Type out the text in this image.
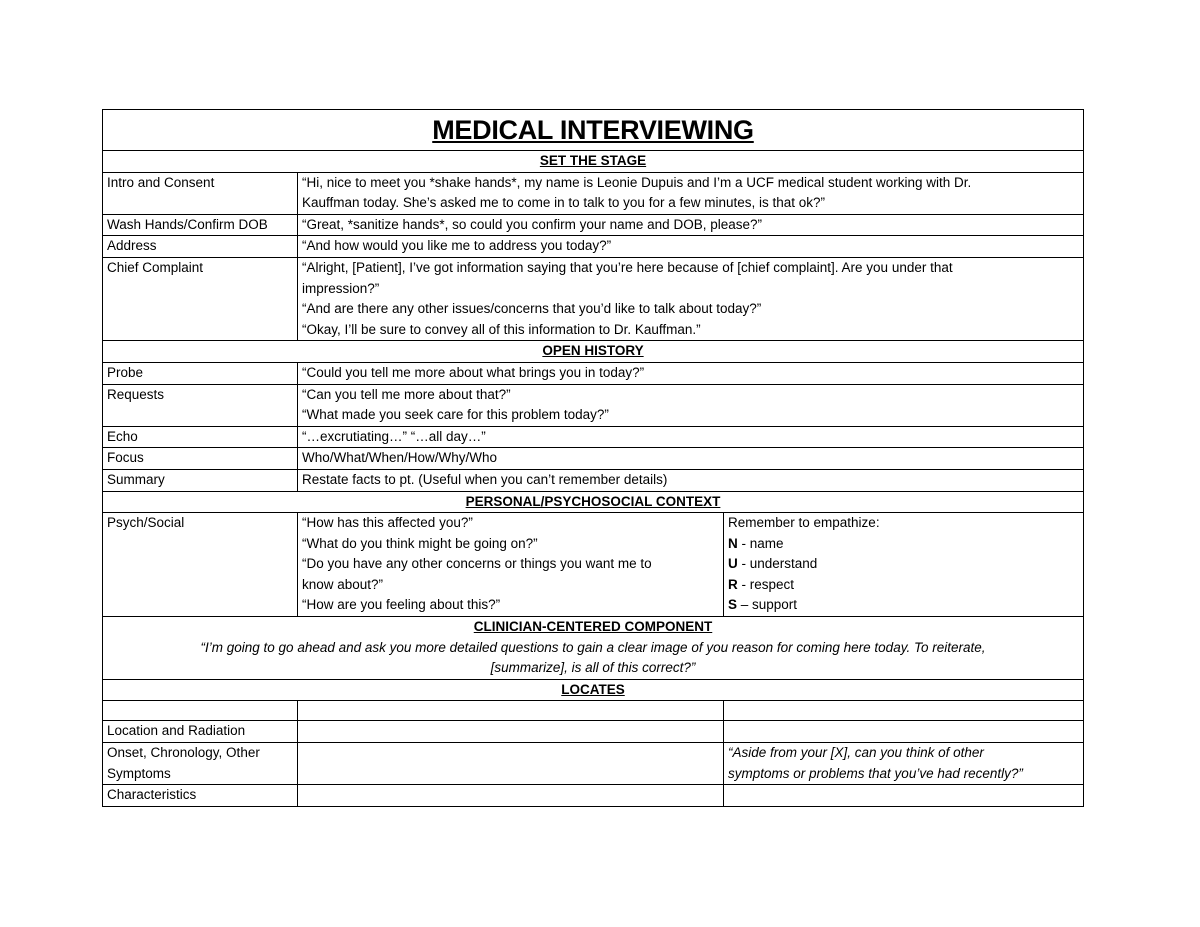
MEDICAL INTERVIEWING		
SET THE STAGE		
Intro and Consent	“Hi, nice to meet you *shake hands*, my name is Leonie Dupuis and I’m a UCF medical student working with Dr.
Kauffman today. She’s asked me to come in to talk to you for a few minutes, is that ok?”	

Wash Hands/Confirm DOB	“Great, *sanitize hands*, so could you confirm your name and DOB, please?”	

Address	“And how would you like me to address you today?”	

Chief Complaint	“Alright, [Patient], I’ve got information saying that you’re here because of [chief complaint]. Are you under that
impression?”
“And are there any other issues/concerns that you’d like to talk about today?”
“Okay, I’ll be sure to convey all of this information to Dr. Kauffman.”	

OPEN HISTORY		
Probe	“Could you tell me more about what brings you in today?”	

Requests	“Can you tell me more about that?”
“What made you seek care for this problem today?”	

Echo	“…excrutiating…” “…all day…”	

Focus	Who/What/When/How/Why/Who	

Summary	Restate facts to pt. (Useful when you can’t remember details)	

PERSONAL/PSYCHOSOCIAL CONTEXT		
Psych/Social	“How has this affected you?”
“What do you think might be going on?”
“Do you have any other concerns or things you want me to
know about?”
“How are you feeling about this?”	Remember to empathize:
N - name
U - understand
R - respect
S – support

CLINICIAN-CENTERED COMPONENT
“I’m going to go ahead and ask you more detailed questions to gain a clear image of you reason for coming here today. To reiterate,
[summarize], is all of this correct?”		

LOCATES		

Location and Radiation		

Onset, Chronology, Other
Symptoms		“Aside from your [X], can you think of other
symptoms or problems that you’ve had recently?”

Characteristics		
